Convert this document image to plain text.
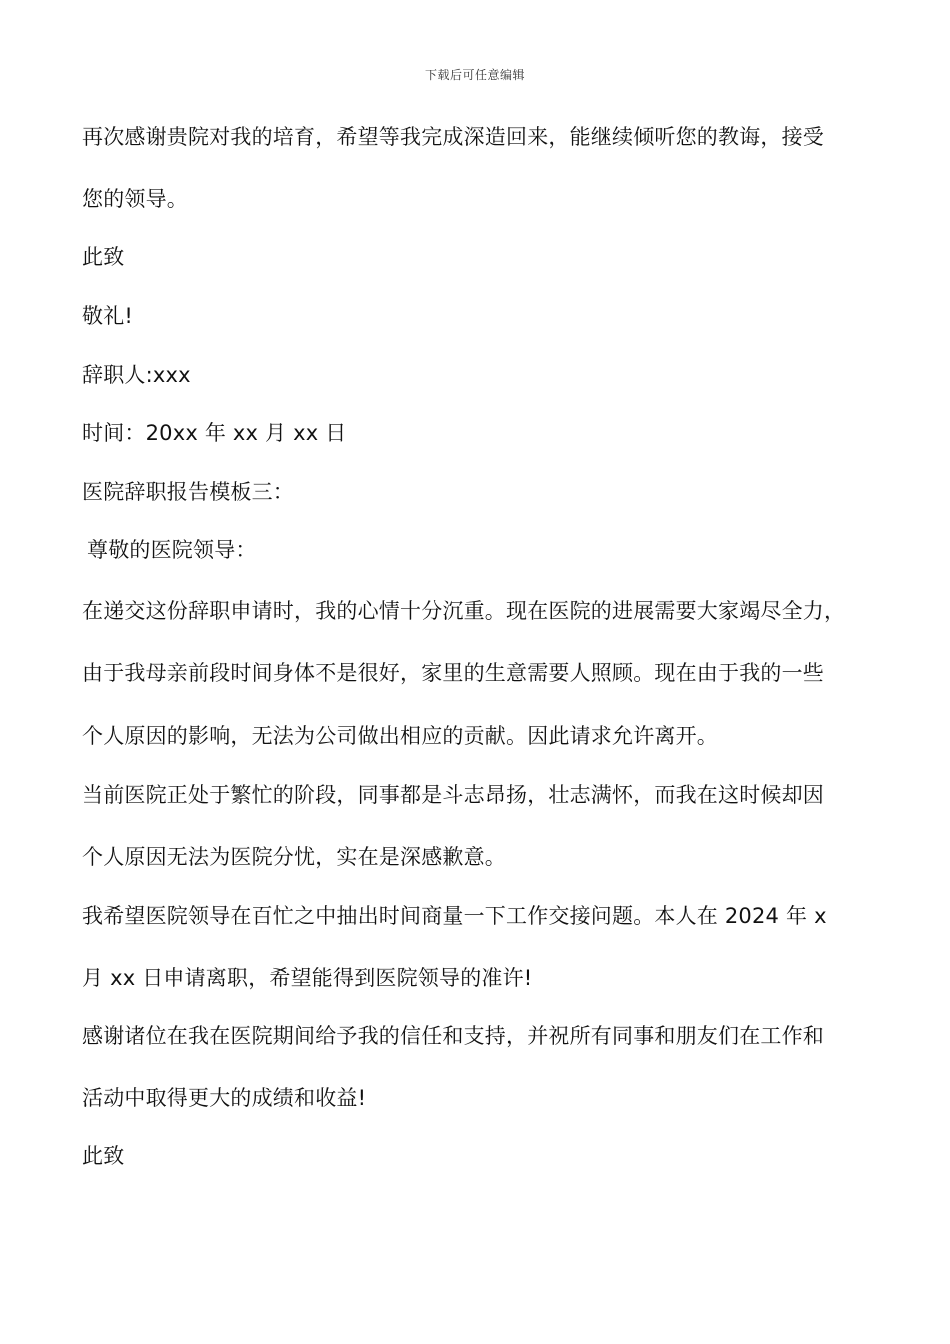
下载后可任意编辑
再次感谢贵院对我的培育，希望等我完成深造回来，能继续倾听您的教诲，接受
您的领导。
此致
敬礼!
辞职人:xxx
时间：20xx 年 xx 月 xx 日
医院辞职报告模板三：
尊敬的医院领导：
在递交这份辞职申请时，我的心情十分沉重。现在医院的进展需要大家竭尽全力，
由于我母亲前段时间身体不是很好，家里的生意需要人照顾。现在由于我的一些
个人原因的影响，无法为公司做出相应的贡献。因此请求允许离开。
当前医院正处于繁忙的阶段，同事都是斗志昂扬，壮志满怀，而我在这时候却因
个人原因无法为医院分忧，实在是深感歉意。
我希望医院领导在百忙之中抽出时间商量一下工作交接问题。本人在 2024 年 x
月 xx 日申请离职，希望能得到医院领导的准许!
感谢诸位在我在医院期间给予我的信任和支持，并祝所有同事和朋友们在工作和
活动中取得更大的成绩和收益!
此致
